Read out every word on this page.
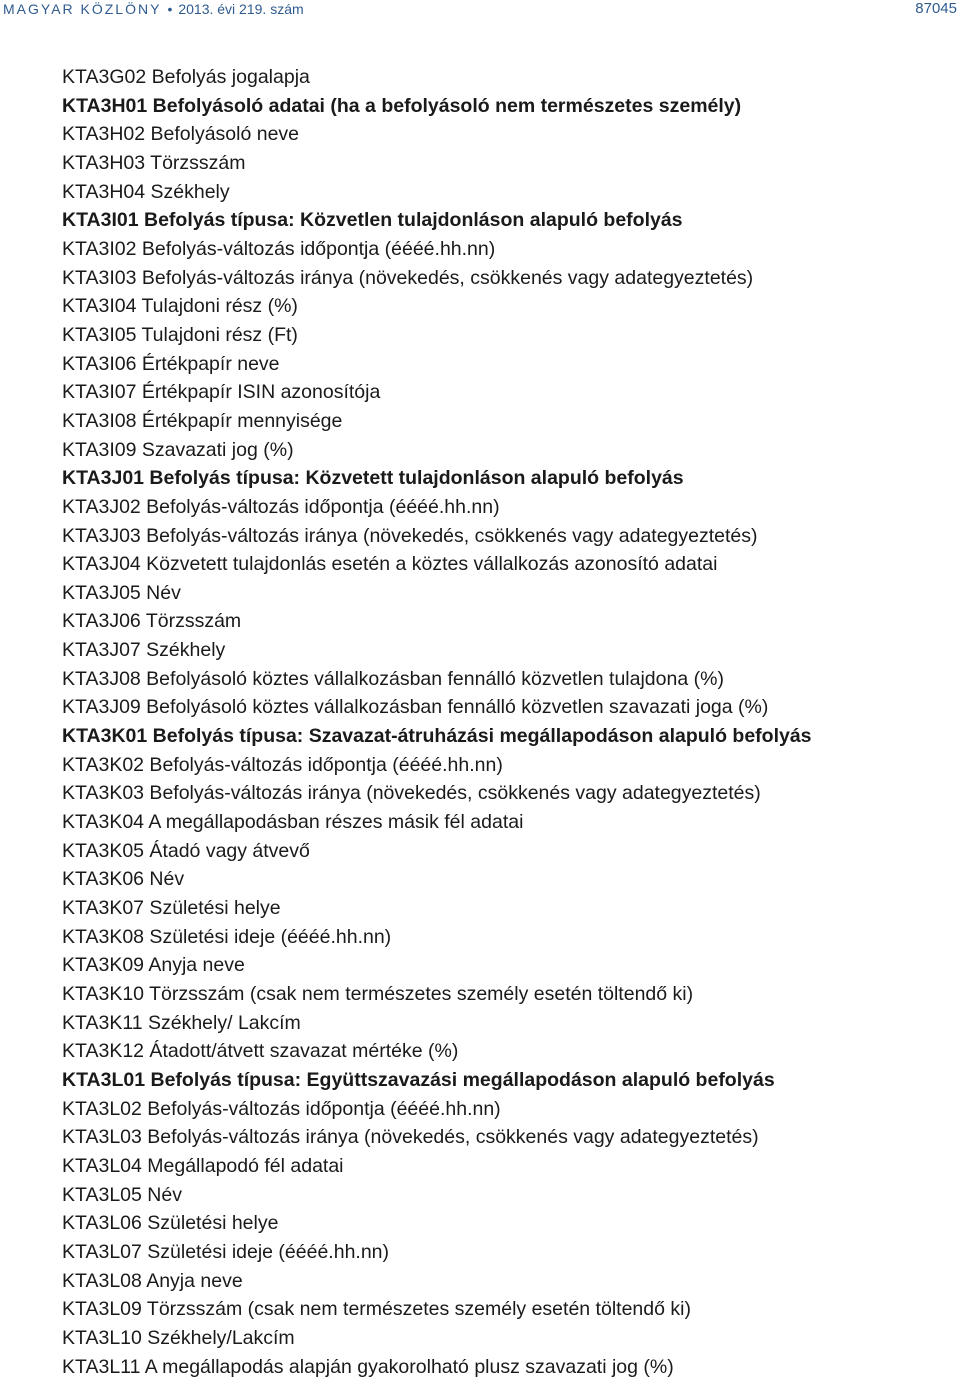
MAGYAR KÖZLÖNY • 2013. évi 219. szám	87045
KTA3G02 Befolyás jogalapja
KTA3H01 Befolyásoló adatai (ha a befolyásoló nem természetes személy)
KTA3H02 Befolyásoló neve
KTA3H03 Törzsszám
KTA3H04 Székhely
KTA3I01 Befolyás típusa: Közvetlen tulajdonláson alapuló befolyás
KTA3I02 Befolyás-változás időpontja (éééé.hh.nn)
KTA3I03 Befolyás-változás iránya (növekedés, csökkenés vagy adategyeztetés)
KTA3I04 Tulajdoni rész (%)
KTA3I05 Tulajdoni rész (Ft)
KTA3I06 Értékpapír neve
KTA3I07 Értékpapír ISIN azonosítója
KTA3I08 Értékpapír mennyisége
KTA3I09 Szavazati jog (%)
KTA3J01 Befolyás típusa: Közvetett tulajdonláson alapuló befolyás
KTA3J02 Befolyás-változás időpontja (éééé.hh.nn)
KTA3J03 Befolyás-változás iránya (növekedés, csökkenés vagy adategyeztetés)
KTA3J04 Közvetett tulajdonlás esetén a köztes vállalkozás azonosító adatai
KTA3J05 Név
KTA3J06 Törzsszám
KTA3J07 Székhely
KTA3J08 Befolyásoló köztes vállalkozásban fennálló közvetlen tulajdona (%)
KTA3J09 Befolyásoló köztes vállalkozásban fennálló közvetlen szavazati joga (%)
KTA3K01 Befolyás típusa: Szavazat-átruházási megállapodáson alapuló befolyás
KTA3K02 Befolyás-változás időpontja (éééé.hh.nn)
KTA3K03 Befolyás-változás iránya (növekedés, csökkenés vagy adategyeztetés)
KTA3K04 A megállapodásban részes másik fél adatai
KTA3K05 Átadó vagy átvevő
KTA3K06 Név
KTA3K07 Születési helye
KTA3K08 Születési ideje (éééé.hh.nn)
KTA3K09 Anyja neve
KTA3K10 Törzsszám (csak nem természetes személy esetén töltendő ki)
KTA3K11 Székhely/ Lakcím
KTA3K12 Átadott/átvett szavazat mértéke (%)
KTA3L01 Befolyás típusa: Együttszavazási megállapodáson alapuló befolyás
KTA3L02 Befolyás-változás időpontja (éééé.hh.nn)
KTA3L03 Befolyás-változás iránya (növekedés, csökkenés vagy adategyeztetés)
KTA3L04 Megállapodó fél adatai
KTA3L05 Név
KTA3L06 Születési helye
KTA3L07 Születési ideje (éééé.hh.nn)
KTA3L08 Anyja neve
KTA3L09 Törzsszám (csak nem természetes személy esetén töltendő ki)
KTA3L10 Székhely/Lakcím
KTA3L11 A megállapodás alapján gyakorolható plusz szavazati jog (%)
